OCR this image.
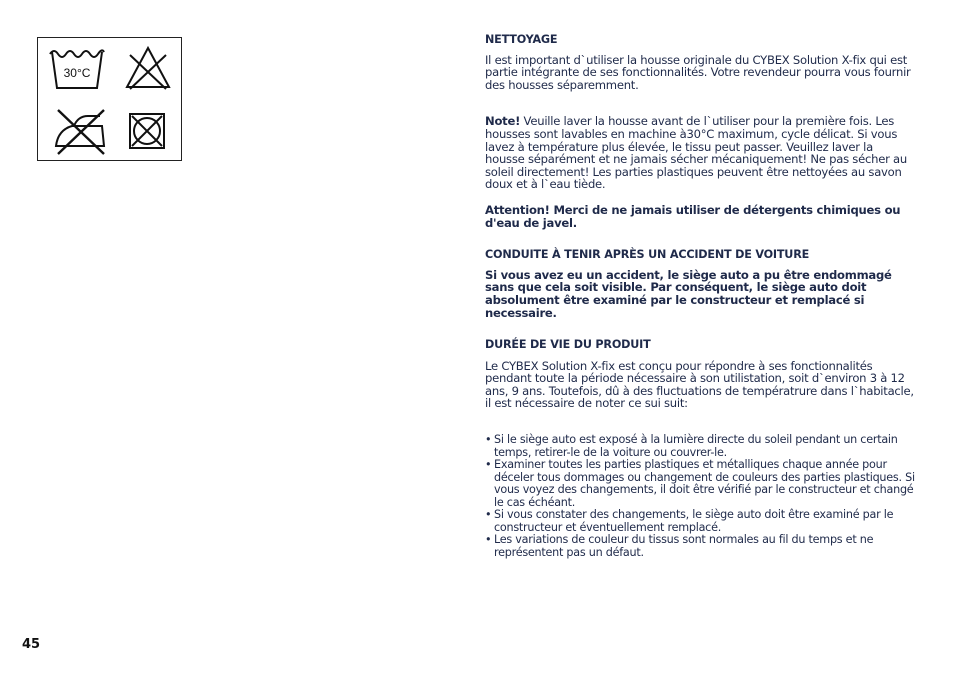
30°C

NETTOYAGE

Il est important d`utiliser la housse originale du CYBEX Solution X-fix qui est partie intégrante de ses fonctionnalités. Votre revendeur pourra vous fournir des housses séparemment.

Note! Veuille laver la housse avant de l`utiliser pour la première fois. Les housses sont lavables en machine à30°C maximum, cycle délicat. Si vous lavez à température plus élevée, le tissu peut passer. Veuillez laver la housse séparément et ne jamais sécher mécaniquement! Ne pas sécher au soleil directement! Les parties plastiques peuvent être nettoyées au savon doux et à l`eau tiède.

Attention! Merci de ne jamais utiliser de détergents chimiques ou d'eau de javel.

CONDUITE À TENIR APRÈS UN ACCIDENT DE VOITURE

Si vous avez eu un accident, le siège auto a pu être endommagé sans que cela soit visible. Par conséquent, le siège auto doit absolument être examiné par le constructeur et remplacé si necessaire.

DURÉE DE VIE DU PRODUIT

Le CYBEX Solution X-fix est conçu pour répondre à ses fonctionnalités pendant toute la période nécessaire à son utilistation, soit d`environ 3 à 12 ans, 9 ans. Toutefois, dû à des fluctuations de températrure dans l`habitacle, il est nécessaire de noter ce sui suit:

• Si le siège auto est exposé à la lumière directe du soleil pendant un certain temps, retirer-le de la voiture ou couvrer-le.
• Examiner toutes les parties plastiques et métalliques chaque année pour déceler tous dommages ou changement de couleurs des parties plastiques. Si vous voyez des changements, il doit être vérifié par le constructeur et changé le cas échéant.
• Si vous constater des changements, le siège auto doit être examiné par le constructeur et éventuellement remplacé.
• Les variations de couleur du tissus sont normales au fil du temps et ne représentent pas un défaut.
45
